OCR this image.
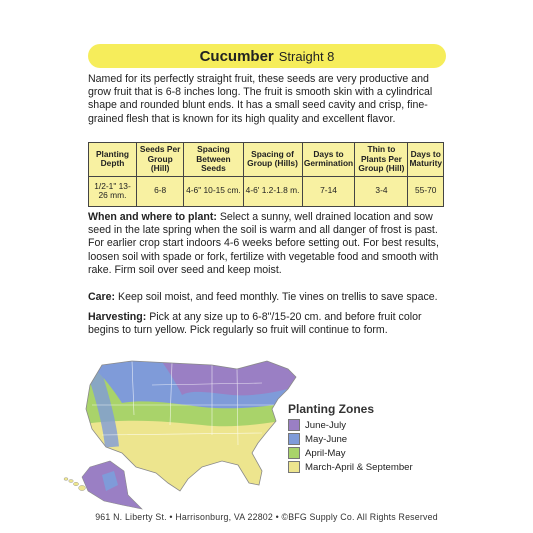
Cucumber Straight 8

Named for its perfectly straight fruit, these seeds are very productive and grow fruit that is 6-8 inches long. The fruit is smooth skin with a cylindrical shape and rounded blunt ends. It has a small seed cavity and crisp, fine-grained flesh that is known for its high quality and excellent flavor.

Planting Depth	Seeds Per Group (Hill)	Spacing Between Seeds	Spacing of Group (Hills)	Days to Germination	Thin to Plants Per Group (Hill)	Days to Maturity
1/2-1" 13-26 mm.	6-8	4-6" 10-15 cm.	4-6' 1.2-1.8 m.	7-14	3-4	55-70

When and where to plant: Select a sunny, well drained location and sow seed in the late spring when the soil is warm and all danger of frost is past. For earlier crop start indoors 4-6 weeks before setting out. For best results, loosen soil with spade or fork, fertilize with vegetable food and smooth with rake. Firm soil over seed and keep moist.

Care: Keep soil moist, and feed monthly. Tie vines on trellis to save space.

Harvesting: Pick at any size up to 6-8"/15-20 cm. and before fruit color begins to turn yellow. Pick regularly so fruit will continue to form.

Planting Zones
June-July
May-June
April-May
March-April & September
961 N. Liberty St. • Harrisonburg, VA 22802 • ©BFG Supply Co. All Rights Reserved
